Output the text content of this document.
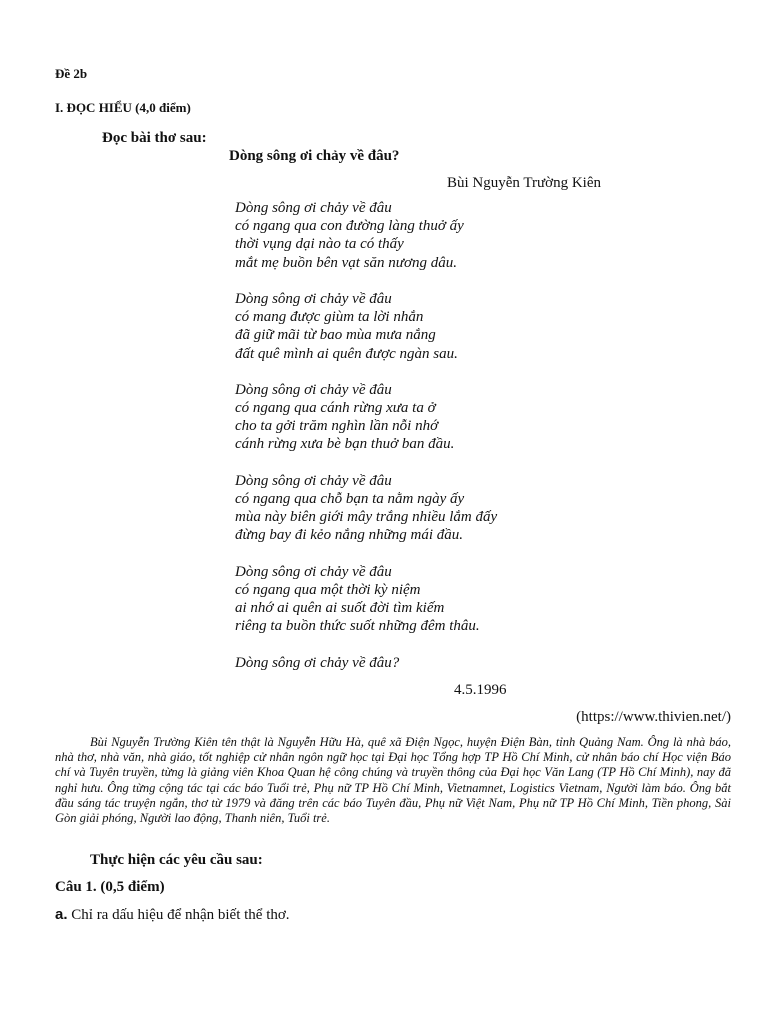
Đề 2b
I. ĐỌC HIỂU (4,0 điểm)
Đọc bài thơ sau:
Dòng sông ơi chảy về đâu?
Bùi Nguyễn Trường Kiên
Dòng sông ơi chảy về đâu
có ngang qua con đường làng thuở ấy
thời vụng dại nào ta có thấy
mắt mẹ buồn bên vạt săn nương dâu.
Dòng sông ơi chảy về đâu
có mang được giùm ta lời nhắn
đã giữ mãi từ bao mùa mưa nắng
đất quê mình ai quên được ngàn sau.
Dòng sông ơi chảy về đâu
có ngang qua cánh rừng xưa ta ở
cho ta gởi trăm nghìn lần nỗi nhớ
cánh rừng xưa bè bạn thuở ban đầu.
Dòng sông ơi chảy về đâu
có ngang qua chỗ bạn ta nằm ngày ấy
mùa này biên giới mây trắng nhiều lắm đấy
đừng bay đi kẻo nắng những mái đầu.
Dòng sông ơi chảy về đâu
có ngang qua một thời kỳ niệm
ai nhớ ai quên ai suốt đời tìm kiếm
riêng ta buồn thức suốt những đêm thâu.
Dòng sông ơi chảy về đâu?
4.5.1996
(https://www.thivien.net/)
Bùi Nguyễn Trường Kiên tên thật là Nguyễn Hữu Hà, quê xã Điện Ngọc, huyện Điện Bàn, tỉnh Quảng Nam. Ông là nhà báo, nhà thơ, nhà văn, nhà giáo, tốt nghiệp cử nhân ngôn ngữ học tại Đại học Tổng hợp TP Hồ Chí Minh, cử nhân báo chí Học viện Báo chí và Tuyên truyền, từng là giảng viên Khoa Quan hệ công chúng và truyền thông của Đại học Văn Lang (TP Hồ Chí Minh), nay đã nghỉ hưu. Ông từng cộng tác tại các báo Tuổi trẻ, Phụ nữ TP Hồ Chí Minh, Vietnamnet, Logistics Vietnam, Người làm báo. Ông bắt đầu sáng tác truyện ngắn, thơ từ 1979 và đăng trên các báo Tuyên đầu, Phụ nữ Việt Nam, Phụ nữ TP Hồ Chí Minh, Tiền phong, Sài Gòn giải phóng, Người lao động, Thanh niên, Tuổi trẻ.
Thực hiện các yêu cầu sau:
Câu 1. (0,5 điểm)
a. Chỉ ra dấu hiệu để nhận biết thể thơ.
